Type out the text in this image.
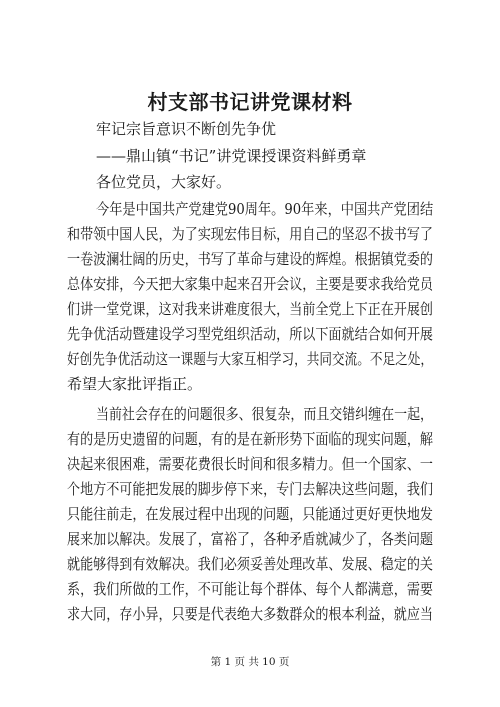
村支部书记讲党课材料
牢记宗旨意识不断创先争优
——鼎山镇“书记”讲党课授课资料鲜勇章
各位党员，大家好。
今年是中国共产党建党90周年。90年来，中国共产党团结
和带领中国人民，为了实现宏伟目标，用自己的坚忍不拔书写了
一卷波澜壮阔的历史，书写了革命与建设的辉煌。根据镇党委的
总体安排，今天把大家集中起来召开会议，主要是要求我给党员
们讲一堂党课，这对我来讲难度很大，当前全党上下正在开展创
先争优活动暨建设学习型党组织活动，所以下面就结合如何开展
好创先争优活动这一课题与大家互相学习，共同交流。不足之处，
希望大家批评指正。
当前社会存在的问题很多、很复杂，而且交错纠缠在一起，
有的是历史遗留的问题，有的是在新形势下面临的现实问题，解
决起来很困难，需要花费很长时间和很多精力。但一个国家、一
个地方不可能把发展的脚步停下来，专门去解决这些问题，我们
只能往前走，在发展过程中出现的问题，只能通过更好更快地发
展来加以解决。发展了，富裕了，各种矛盾就减少了，各类问题
就能够得到有效解决。我们必须妥善处理改革、发展、稳定的关
系，我们所做的工作，不可能让每个群体、每个人都满意，需要
求大同，存小异，只要是代表绝大多数群众的根本利益，就应当
第 1 页 共 10 页
